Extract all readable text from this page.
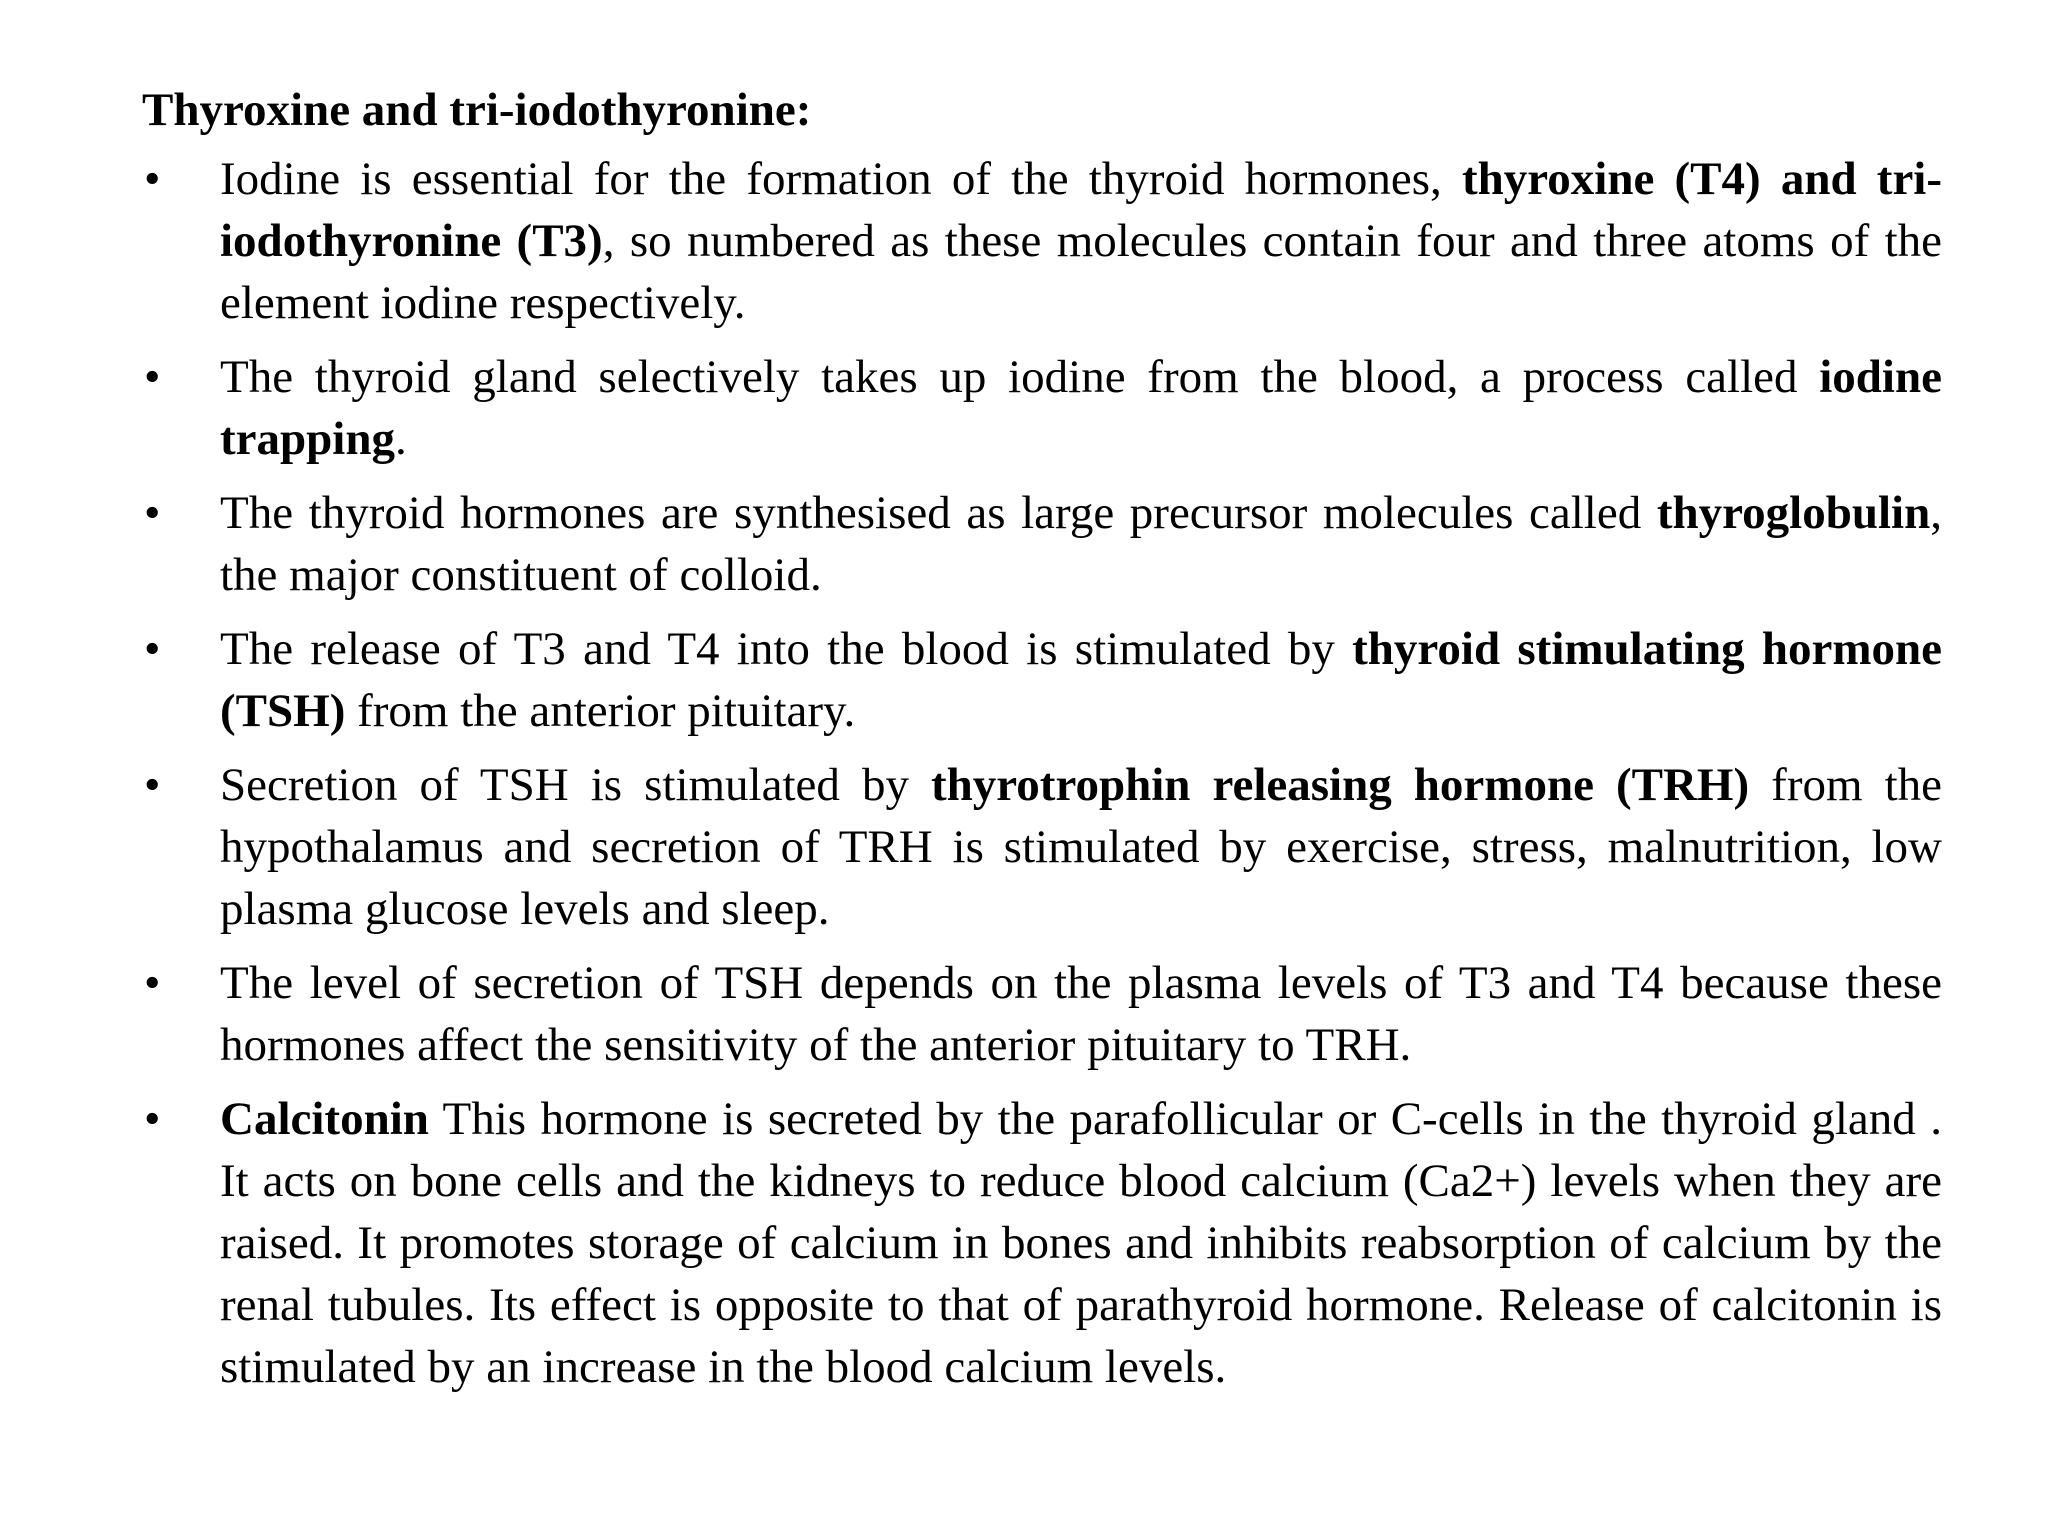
Thyroxine and tri-iodothyronine:
•	Iodine is essential for the formation of the thyroid hormones, thyroxine (T4) and tri-iodothyronine (T3), so numbered as these molecules contain four and three atoms of the element iodine respectively.
•	The thyroid gland selectively takes up iodine from the blood, a process called iodine trapping.
•	The thyroid hormones are synthesised as large precursor molecules called thyroglobulin, the major constituent of colloid.
•	The release of T3 and T4 into the blood is stimulated by thyroid stimulating hormone (TSH) from the anterior pituitary.
•	Secretion of TSH is stimulated by thyrotrophin releasing hormone (TRH) from the hypothalamus and secretion of TRH is stimulated by exercise, stress, malnutrition, low plasma glucose levels and sleep.
•	The level of secretion of TSH depends on the plasma levels of T3 and T4 because these hormones affect the sensitivity of the anterior pituitary to TRH.
•	Calcitonin This hormone is secreted by the parafollicular or C-cells in the thyroid gland . It acts on bone cells and the kidneys to reduce blood calcium (Ca2+) levels when they are raised. It promotes storage of calcium in bones and inhibits reabsorption of calcium by the renal tubules. Its effect is opposite to that of parathyroid hormone. Release of calcitonin is stimulated by an increase in the blood calcium levels.
